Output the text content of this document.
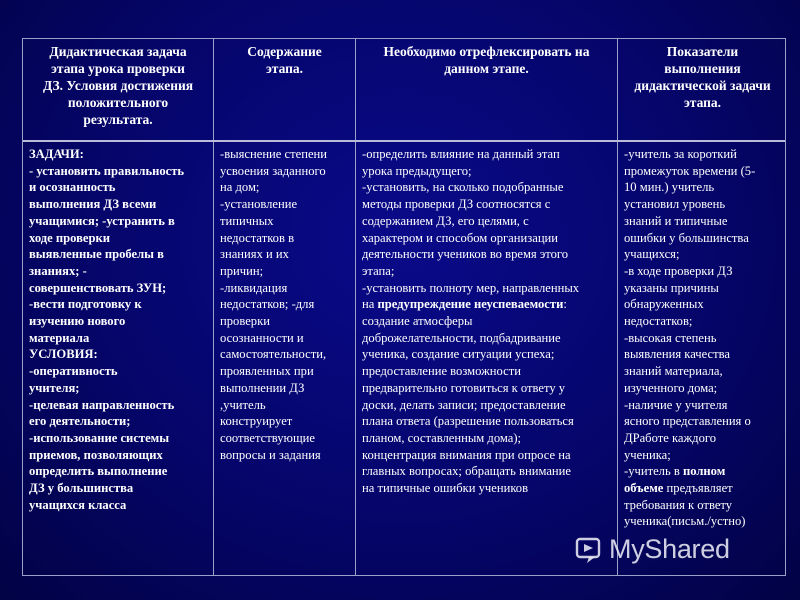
Дидактическая задача
этапа урока проверки
ДЗ. Условия достижения
положительного
результата.
Содержание
этапа.
Необходимо отрефлексировать на
данном этапе.
Показатели
выполнения
дидактической задачи
этапа.
ЗАДАЧИ:
- установить правильность
и осознанность
выполнения ДЗ всеми
учащимися; -устранить в
ходе проверки
выявленные пробелы в
знаниях; -
совершенствовать ЗУН;
-вести подготовку к
изучению нового
материала
УСЛОВИЯ:
-оперативность
учителя;
-целевая направленность
его деятельности;
-использование системы
приемов, позволяющих
определить выполнение
ДЗ у большинства
учащихся класса
-выяснение степени
усвоения заданного
на дом;
-установление
типичных
недостатков в
знаниях и их
причин;
-ликвидация
недостатков; -для
проверки
осознанности и
самостоятельности,
проявленных при
выполнении ДЗ
,учитель
конструирует
соответствующие
вопросы и задания
-определить влияние на данный этап
урока предыдущего;
-установить, на сколько подобранные
методы проверки ДЗ соотносятся с
содержанием ДЗ, его целями, с
характером и способом организации
деятельности учеников во время этого
этапа;
-установить полноту мер, направленных
на предупреждение неуспеваемости:
создание атмосферы
доброжелательности, подбадривание
ученика, создание ситуации успеха;
предоставление возможности
предварительно готовиться к ответу у
доски, делать записи; предоставление
плана ответа (разрешение пользоваться
планом, составленным дома);
концентрация внимания при опросе на
главных вопросах; обращать внимание
на типичные ошибки учеников
-учитель за короткий
промежуток времени (5-
10 мин.) учитель
установил уровень
знаний и типичные
ошибки у большинства
учащихся;
-в ходе проверки ДЗ
указаны причины
обнаруженных
недостатков;
-высокая степень
выявления качества
знаний материала,
изученного дома;
-наличие у учителя
ясного представления о
ДРаботе каждого
ученика;
-учитель в полном
объеме предъявляет
требования к ответу
ученика(письм./устно)
MyShared
